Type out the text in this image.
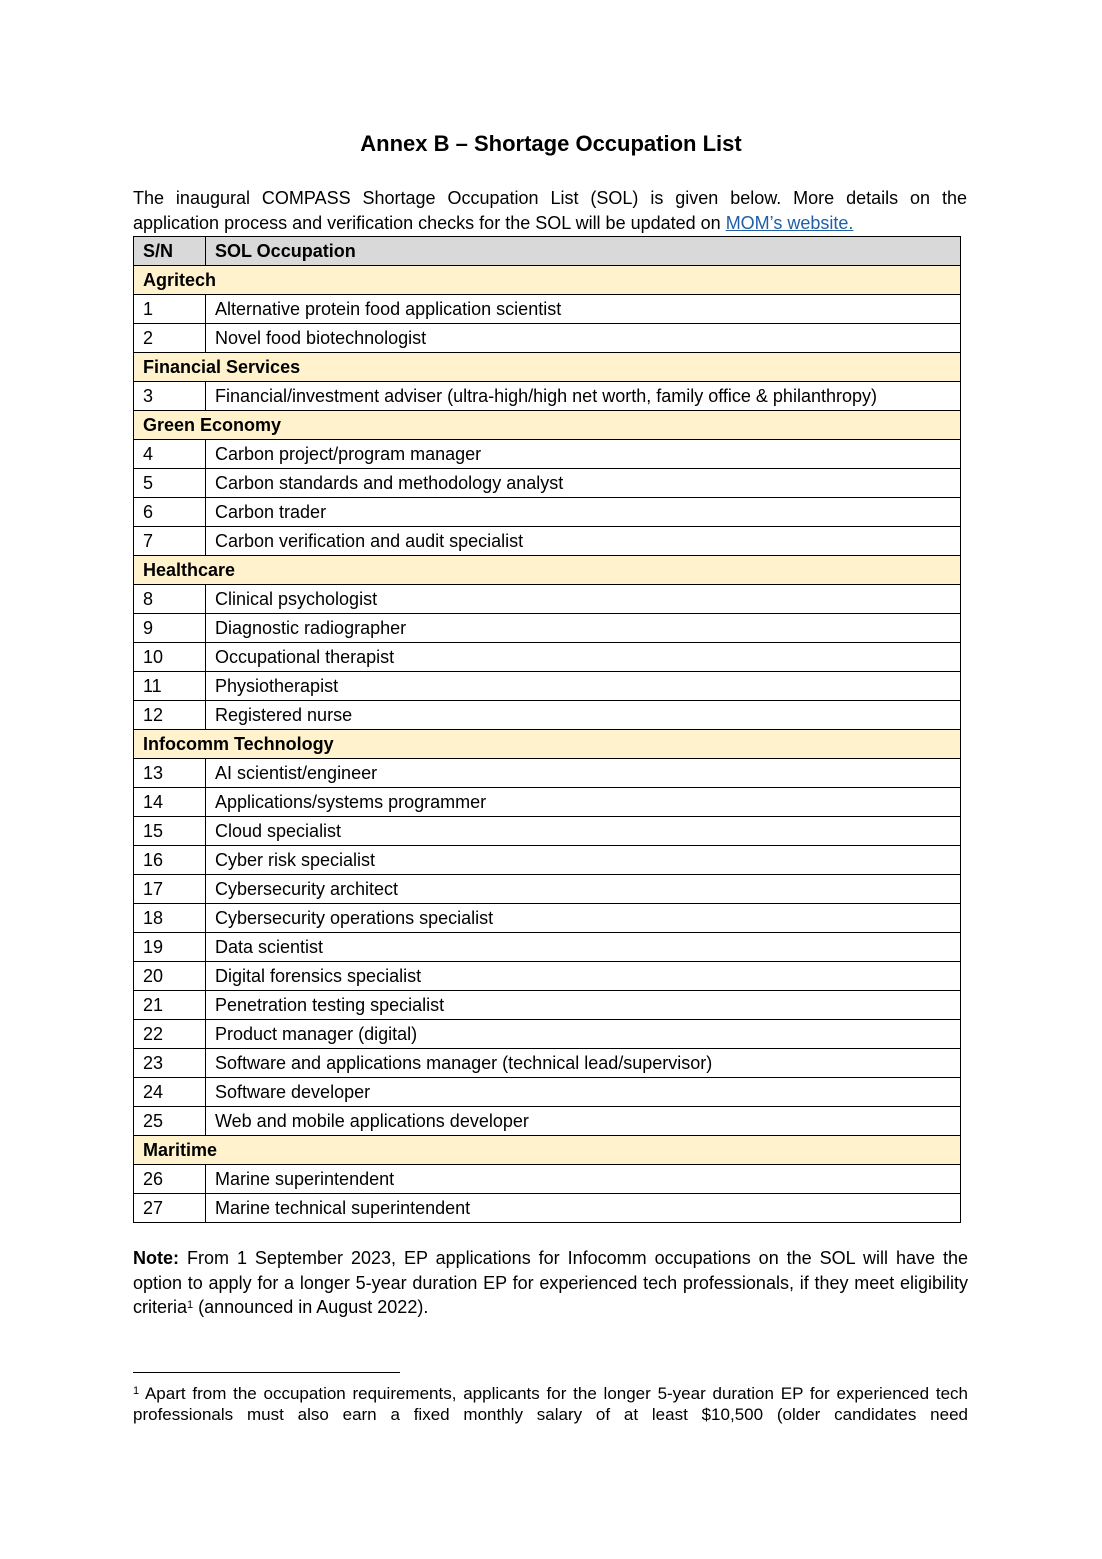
Annex B – Shortage Occupation List
The inaugural COMPASS Shortage Occupation List (SOL) is given below. More details on the
application process and verification checks for the SOL will be updated on MOM’s website.
S/N	SOL Occupation
Agritech	
1	Alternative protein food application scientist
2	Novel food biotechnologist
Financial Services	
3	Financial/investment adviser (ultra-high/high net worth, family office & philanthropy)
Green Economy	
4	Carbon project/program manager
5	Carbon standards and methodology analyst
6	Carbon trader
7	Carbon verification and audit specialist
Healthcare	
8	Clinical psychologist
9	Diagnostic radiographer
10	Occupational therapist
11	Physiotherapist
12	Registered nurse
Infocomm Technology	
13	AI scientist/engineer
14	Applications/systems programmer
15	Cloud specialist
16	Cyber risk specialist
17	Cybersecurity architect
18	Cybersecurity operations specialist
19	Data scientist
20	Digital forensics specialist
21	Penetration testing specialist
22	Product manager (digital)
23	Software and applications manager (technical lead/supervisor)
24	Software developer
25	Web and mobile applications developer
Maritime	
26	Marine superintendent
27	Marine technical superintendent
Note: From 1 September 2023, EP applications for Infocomm occupations on the SOL will have the option to apply for a longer 5-year duration EP for experienced tech professionals, if they meet eligibility criteria$^1$ (announced in August 2022).
$^1$ Apart from the occupation requirements, applicants for the longer 5-year duration EP for experienced tech professionals must also earn a fixed monthly salary of at least $10,500 (older candidates need
